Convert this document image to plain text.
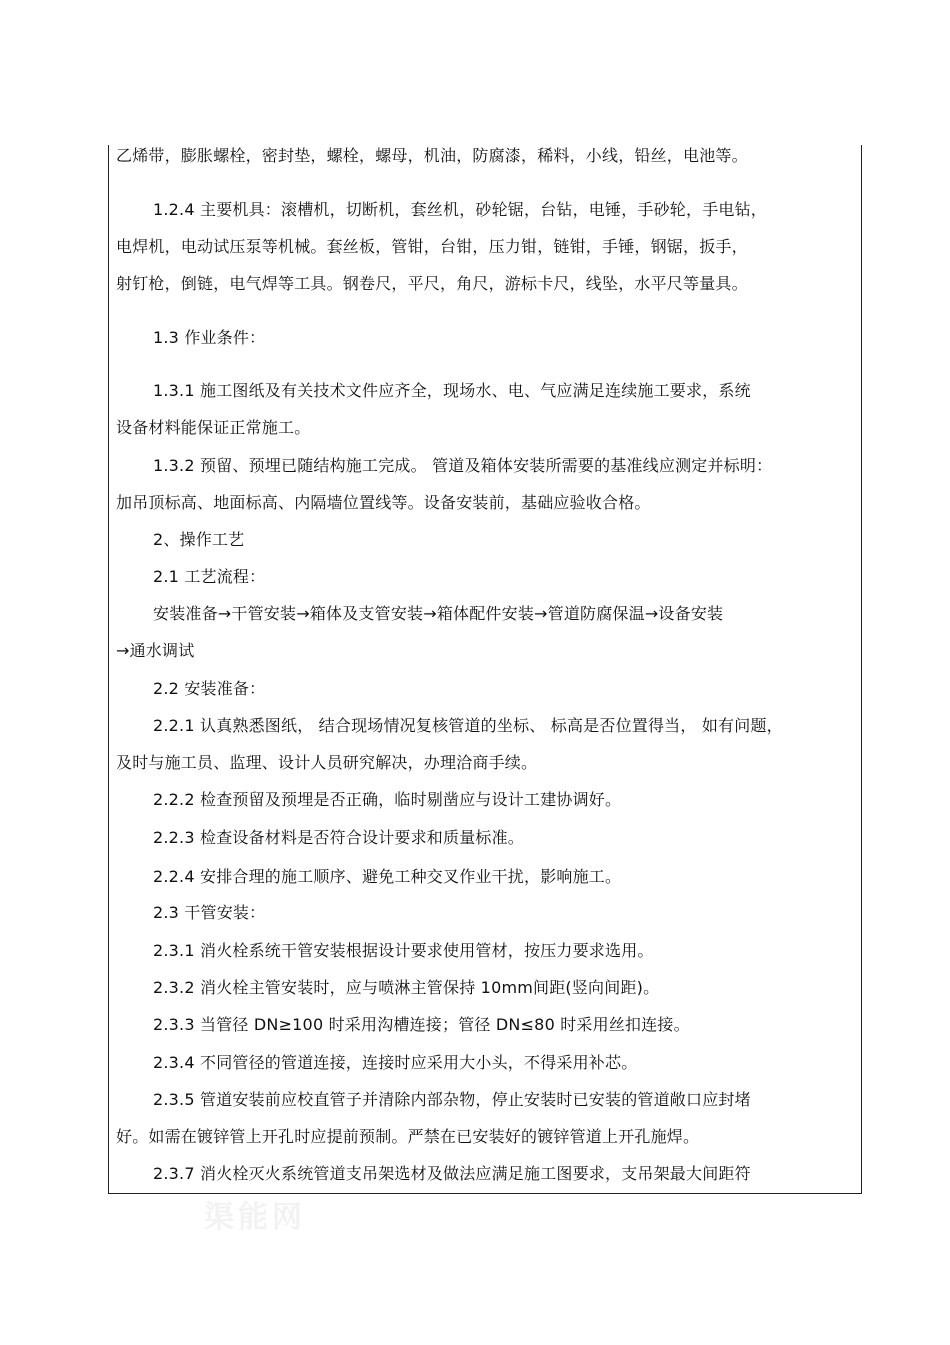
乙烯带，膨胀螺栓，密封垫，螺栓，螺母，机油，防腐漆，稀料，小线，铅丝，电池等。
1.2.4 主要机具：滚槽机，切断机，套丝机，砂轮锯，台钻，电锤，手砂轮，手电钻，
电焊机，电动试压泵等机械。套丝板，管钳，台钳，压力钳，链钳，手锤，钢锯，扳手，
射钉枪，倒链，电气焊等工具。钢卷尺，平尺，角尺，游标卡尺，线坠，水平尺等量具。
1.3 作业条件：
1.3.1 施工图纸及有关技术文件应齐全，现场水、电、气应满足连续施工要求，系统
设备材料能保证正常施工。
1.3.2 预留、预埋已随结构施工完成。 管道及箱体安装所需要的基准线应测定并标明：
加吊顶标高、地面标高、内隔墙位置线等。设备安装前，基础应验收合格。
2、操作工艺
2.1 工艺流程：
安装准备→干管安装→箱体及支管安装→箱体配件安装→管道防腐保温→设备安装
→通水调试
2.2 安装准备：
2.2.1 认真熟悉图纸， 结合现场情况复核管道的坐标、 标高是否位置得当， 如有问题，
及时与施工员、监理、设计人员研究解决，办理洽商手续。
2.2.2 检查预留及预埋是否正确，临时剔凿应与设计工建协调好。
2.2.3 检查设备材料是否符合设计要求和质量标准。
2.2.4 安排合理的施工顺序、避免工种交叉作业干扰，影响施工。
2.3 干管安装：
2.3.1 消火栓系统干管安装根据设计要求使用管材，按压力要求选用。
2.3.2 消火栓主管安装时，应与喷淋主管保持 10mm间距(竖向间距)。
2.3.3 当管径 DN≥100 时采用沟槽连接；管径 DN≤80 时采用丝扣连接。
2.3.4 不同管径的管道连接，连接时应采用大小头，不得采用补芯。
2.3.5 管道安装前应校直管子并清除内部杂物，停止安装时已安装的管道敞口应封堵
好。如需在镀锌管上开孔时应提前预制。严禁在已安装好的镀锌管道上开孔施焊。
2.3.7 消火栓灭火系统管道支吊架选材及做法应满足施工图要求，支吊架最大间距符
渠能网
